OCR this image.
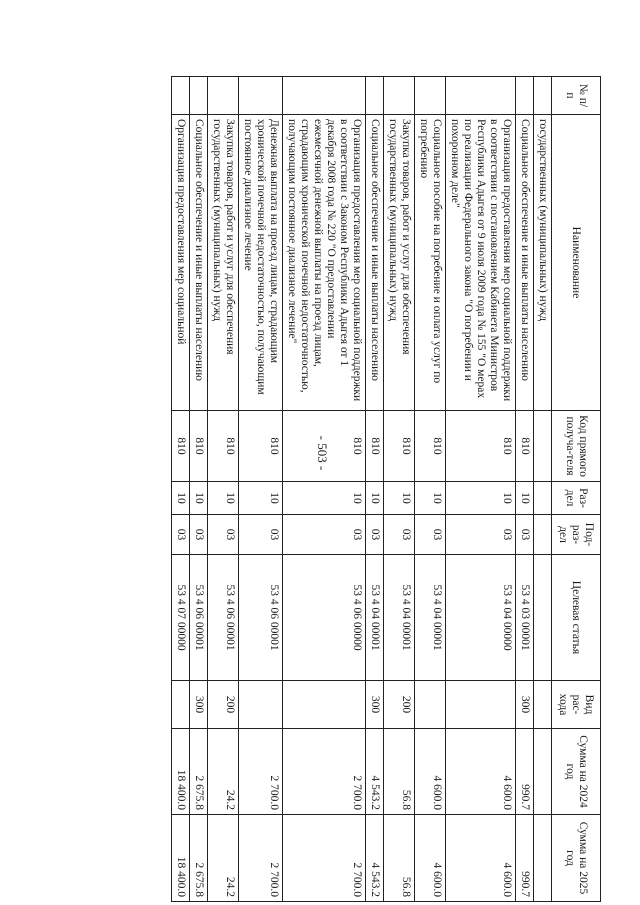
- 503 -
№ п/п	Наименование	Код прямого получа-теля	Раз-дел	Под-раз-дел	Целевая статья	Вид рас-хода	Сумма на 2024 год	Сумма на 2025 год
	государственных (муниципальных) нужд							
	Социальное обеспечение и иные выплаты населению	810	10	03	53 4 03 00001	300	990.7	990.7
	Организация предоставления мер социальной поддержки в соответствии с постановлением Кабинета Министров Республики Адыгея от 9 июля 2009 года № 155 "О мерах по реализации Федерального закона "О погребении и похоронном деле"	810	10	03	53 4 04 00000		4 600.0	4 600.0
	Социальное пособие на погребение и оплата услуг по погребению	810	10	03	53 4 04 00001		4 600.0	4 600.0
	Закупка товаров, работ и услуг для обеспечения государственных (муниципальных) нужд	810	10	03	53 4 04 00001	200	56.8	56.8
	Социальное обеспечение и иные выплаты населению	810	10	03	53 4 04 00001	300	4 543.2	4 543.2
	Организация предоставления мер социальной поддержки в соответствии с Законом Республики Адыгея от 1 декабря 2008 года № 220 "О предоставлении ежемесячной денежной выплаты на проезд лицам, страдающим хронической почечной недостаточностью, получающим постоянное диализное лечение"	810	10	03	53 4 06 00000		2 700.0	2 700.0
	Денежная выплата на проезд лицам, страдающим хронической почечной недостаточностью, получающим постоянное диализное лечение	810	10	03	53 4 06 00001		2 700.0	2 700.0
	Закупка товаров, работ и услуг для обеспечения государственных (муниципальных) нужд	810	10	03	53 4 06 00001	200	24.2	24.2
	Социальное обеспечение и иные выплаты населению	810	10	03	53 4 06 00001	300	2 675.8	2 675.8
	Организация предоставления мер социальной	810	10	03	53 4 07 00000		18 400.0	18 400.0
